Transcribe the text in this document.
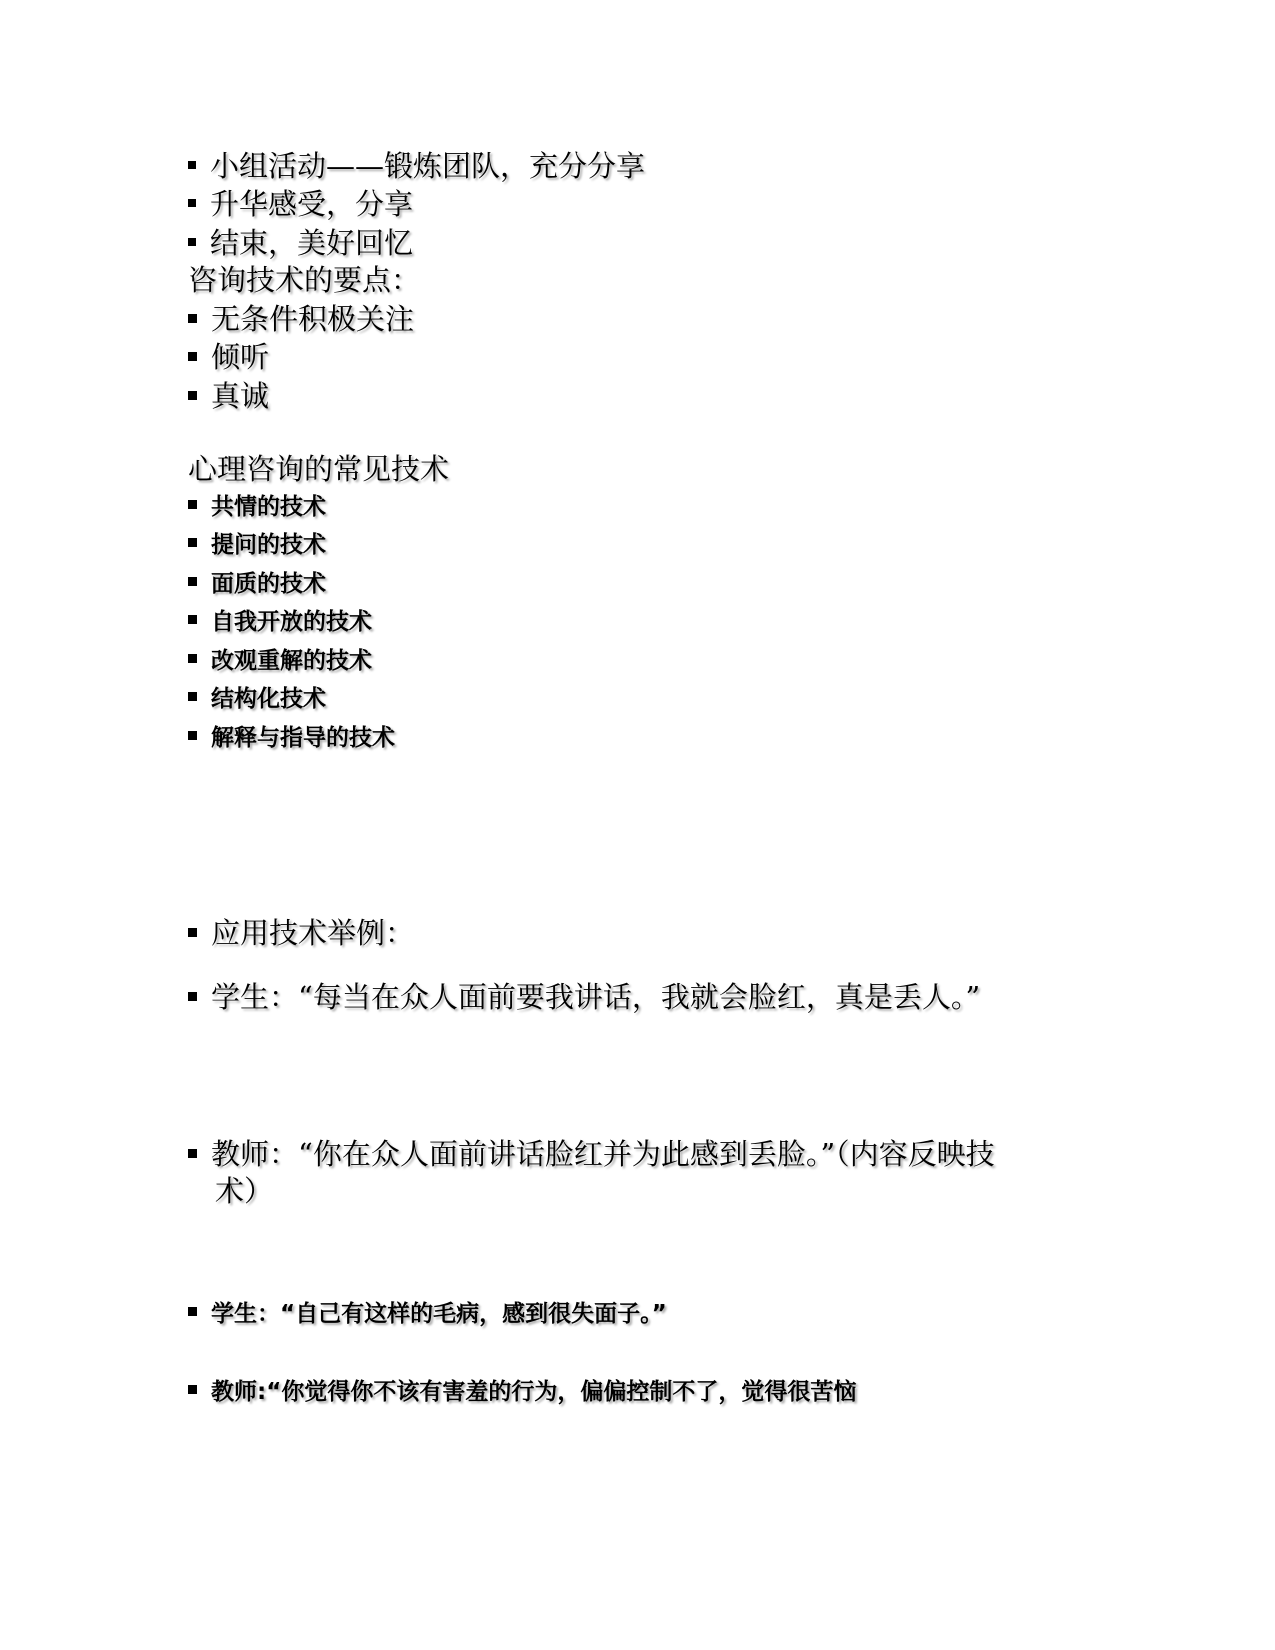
小组活动——锻炼团队，充分分享
升华感受，分享
结束，美好回忆
咨询技术的要点：
无条件积极关注
倾听
真诚
心理咨询的常见技术
共情的技术
提问的技术
面质的技术
自我开放的技术
改观重解的技术
结构化技术
解释与指导的技术
应用技术举例：
学生：“每当在众人面前要我讲话，我就会脸红，真是丢人。”
教师：“你在众人面前讲话脸红并为此感到丢脸。”（内容反映技
术）
学生：“自己有这样的毛病，感到很失面子。”
教师:“你觉得你不该有害羞的行为，偏偏控制不了，觉得很苦恼
